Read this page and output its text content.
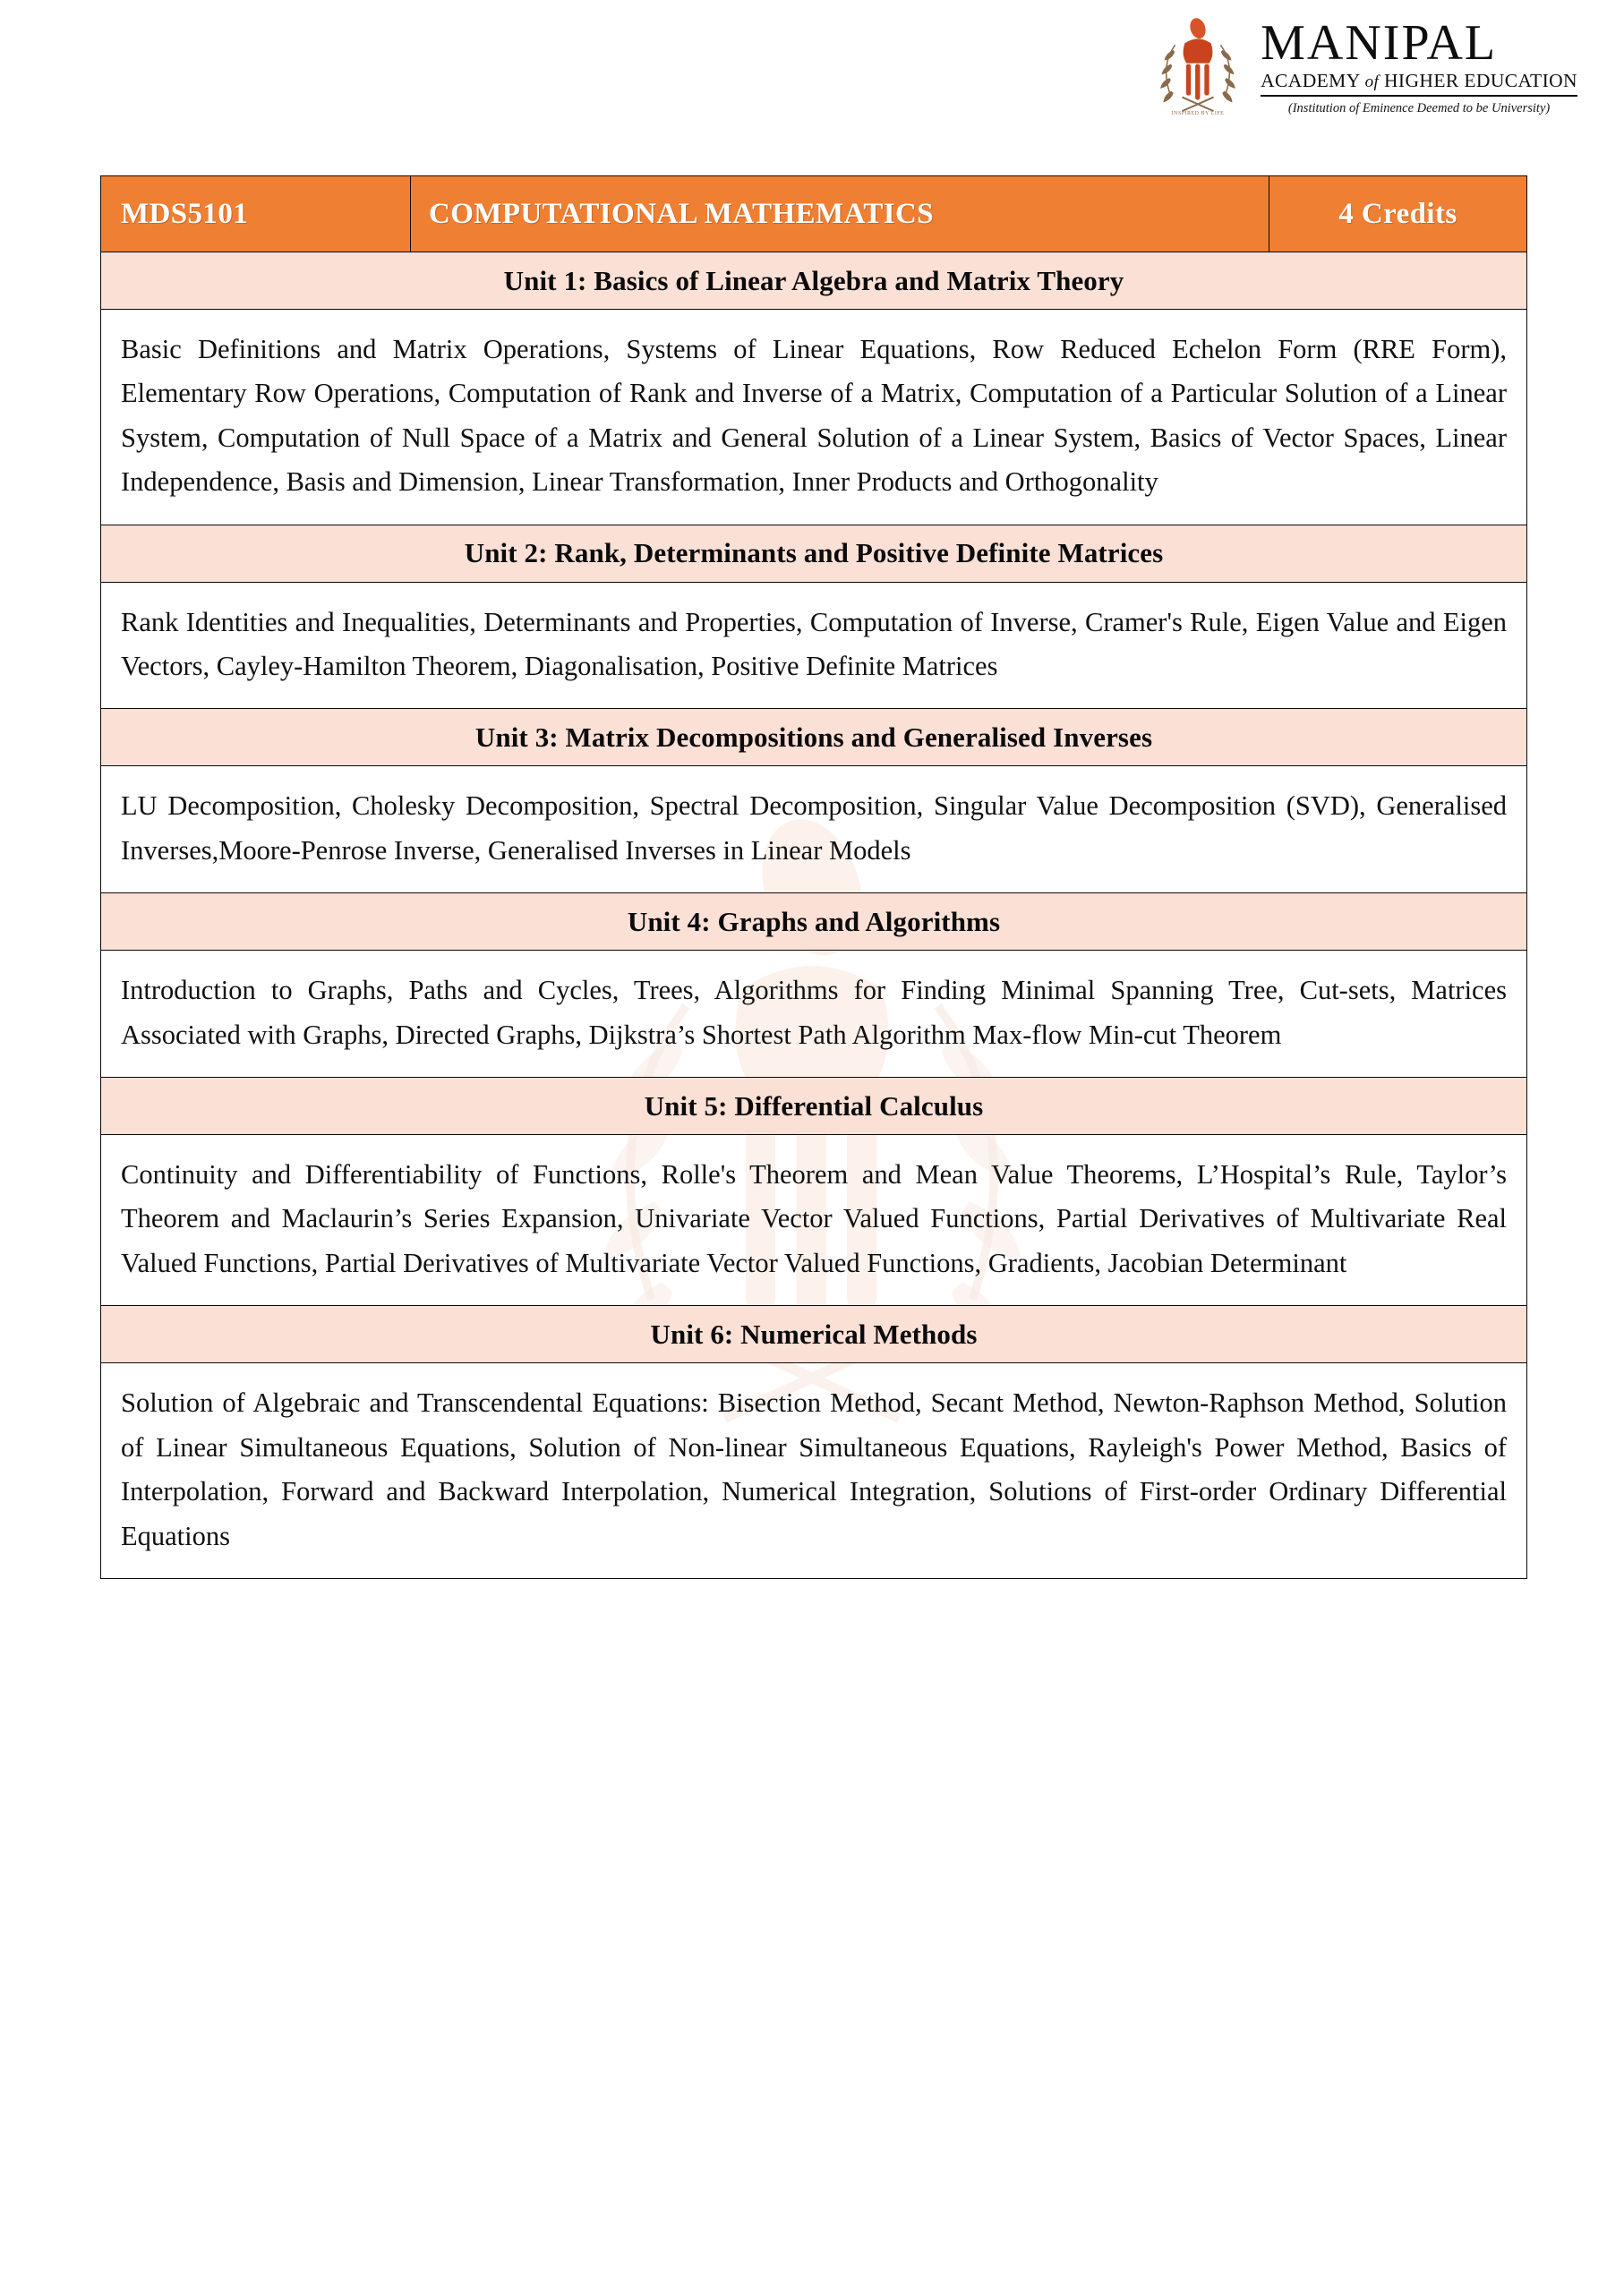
INSPIRED BY LIFE
MANIPAL
ACADEMY of HIGHER EDUCATION
(Institution of Eminence Deemed to be University)
MDS5101	COMPUTATIONAL MATHEMATICS	4 Credits
Unit 1: Basics of Linear Algebra and Matrix Theory
Basic Definitions and Matrix Operations, Systems of Linear Equations, Row Reduced Echelon Form (RRE Form), Elementary Row Operations, Computation of Rank and Inverse of a Matrix, Computation of a Particular Solution of a Linear System, Computation of Null Space of a Matrix and General Solution of a Linear System, Basics of Vector Spaces, Linear Independence, Basis and Dimension, Linear Transformation, Inner Products and Orthogonality
Unit 2: Rank, Determinants and Positive Definite Matrices
Rank Identities and Inequalities, Determinants and Properties, Computation of Inverse, Cramer's Rule, Eigen Value and Eigen Vectors, Cayley-Hamilton Theorem, Diagonalisation, Positive Definite Matrices
Unit 3: Matrix Decompositions and Generalised Inverses
LU Decomposition, Cholesky Decomposition, Spectral Decomposition, Singular Value Decomposition (SVD), Generalised Inverses,Moore-Penrose Inverse, Generalised Inverses in Linear Models
Unit 4: Graphs and Algorithms
Introduction to Graphs, Paths and Cycles, Trees, Algorithms for Finding Minimal Spanning Tree, Cut-sets, Matrices Associated with Graphs, Directed Graphs, Dijkstra’s Shortest Path Algorithm Max-flow Min-cut Theorem
Unit 5: Differential Calculus
Continuity and Differentiability of Functions, Rolle's Theorem and Mean Value Theorems, L’Hospital’s Rule, Taylor’s Theorem and Maclaurin’s Series Expansion, Univariate Vector Valued Functions, Partial Derivatives of Multivariate Real Valued Functions, Partial Derivatives of Multivariate Vector Valued Functions, Gradients, Jacobian Determinant
Unit 6: Numerical Methods
Solution of Algebraic and Transcendental Equations: Bisection Method, Secant Method, Newton-Raphson Method, Solution of Linear Simultaneous Equations, Solution of Non-linear Simultaneous Equations, Rayleigh's Power Method, Basics of Interpolation, Forward and Backward Interpolation, Numerical Integration, Solutions of First-order Ordinary Differential Equations
